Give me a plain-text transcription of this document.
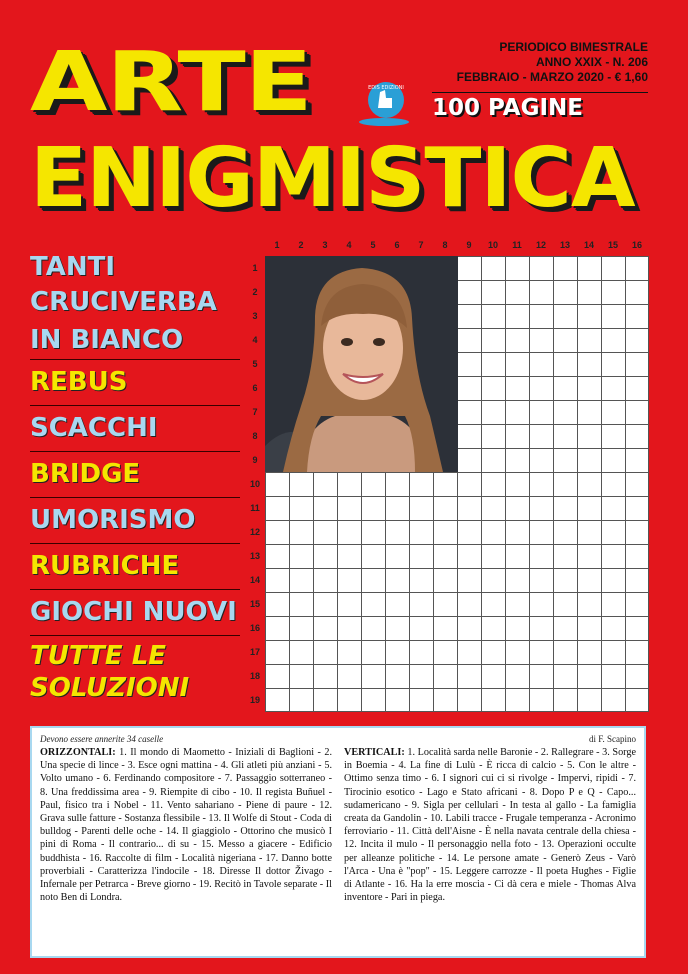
ARTE
ENIGMISTICA
PERIODICO BIMESTRALE
ANNO XXIX - N. 206
FEBBRAIO - MARZO 2020 - € 1,60
100 PAGINE
EDIS EDIZIONI
TANTI
CRUCIVERBA
IN BIANCO
REBUS
SCACCHI
BRIDGE
UMORISMO
RUBRICHE
GIOCHI NUOVI
TUTTE LE
SOLUZIONI
1	2	3	4	5	6	7	8	9	10	11	12	13	14	15	16
1
2
3
4
5
6
7
8
9
10
11
12
13
14
15
16
17
18
19
Devono essere annerite 34 caselle	di F. Scapino
ORIZZONTALI: 1. Il mondo di Maometto - Iniziali di Baglioni - 2. Una specie di lince - 3. Esce ogni mattina - 4. Gli atleti più anziani - 5. Volto umano - 6. Ferdinando compositore - 7. Passaggio sotterraneo - 8. Una freddissima area - 9. Riempite di cibo - 10. Il regista Buñuel - Paul, fisico tra i Nobel - 11. Vento sahariano - Piene di paure - 12. Grava sulle fatture - Sostanza flessibile - 13. Il Wolfe di Stout - Coda di bulldog - Parenti delle oche - 14. Il giaggiolo - Ottorino che musicò I pini di Roma - Il contrario... di su - 15. Messo a giacere - Edificio buddhista - 16. Raccolte di film - Località nigeriana - 17. Danno botte proverbiali - Caratterizza l'indocile - 18. Diresse Il dottor Živago - Infernale per Petrarca - Breve giorno - 19. Recitò in Tavole separate - Il noto Ben di Londra.
VERTICALI: 1. Località sarda nelle Baronie - 2. Rallegrare - 3. Sorge in Boemia - 4. La fine di Lulù - È ricca di calcio - 5. Con le altre - Ottimo senza timo - 6. I signori cui ci si rivolge - Impervi, ripidi - 7. Tirocinio esotico - Lago e Stato africani - 8. Dopo P e Q - Capo... sudamericano - 9. Sigla per cellulari - In testa al gallo - La famiglia creata da Gandolin - 10. Labili tracce - Frugale temperanza - Acronimo ferroviario - 11. Città dell'Aisne - È nella navata centrale della chiesa - 12. Incita il mulo - Il personaggio nella foto - 13. Operazioni occulte per alleanze politiche - 14. Le persone amate - Generò Zeus - Varò l'Arca - Una è "pop" - 15. Leggere carrozze - Il poeta Hughes - Figlie di Atlante - 16. Ha la erre moscia - Ci dà cera e miele - Thomas Alva inventore - Pari in piega.
